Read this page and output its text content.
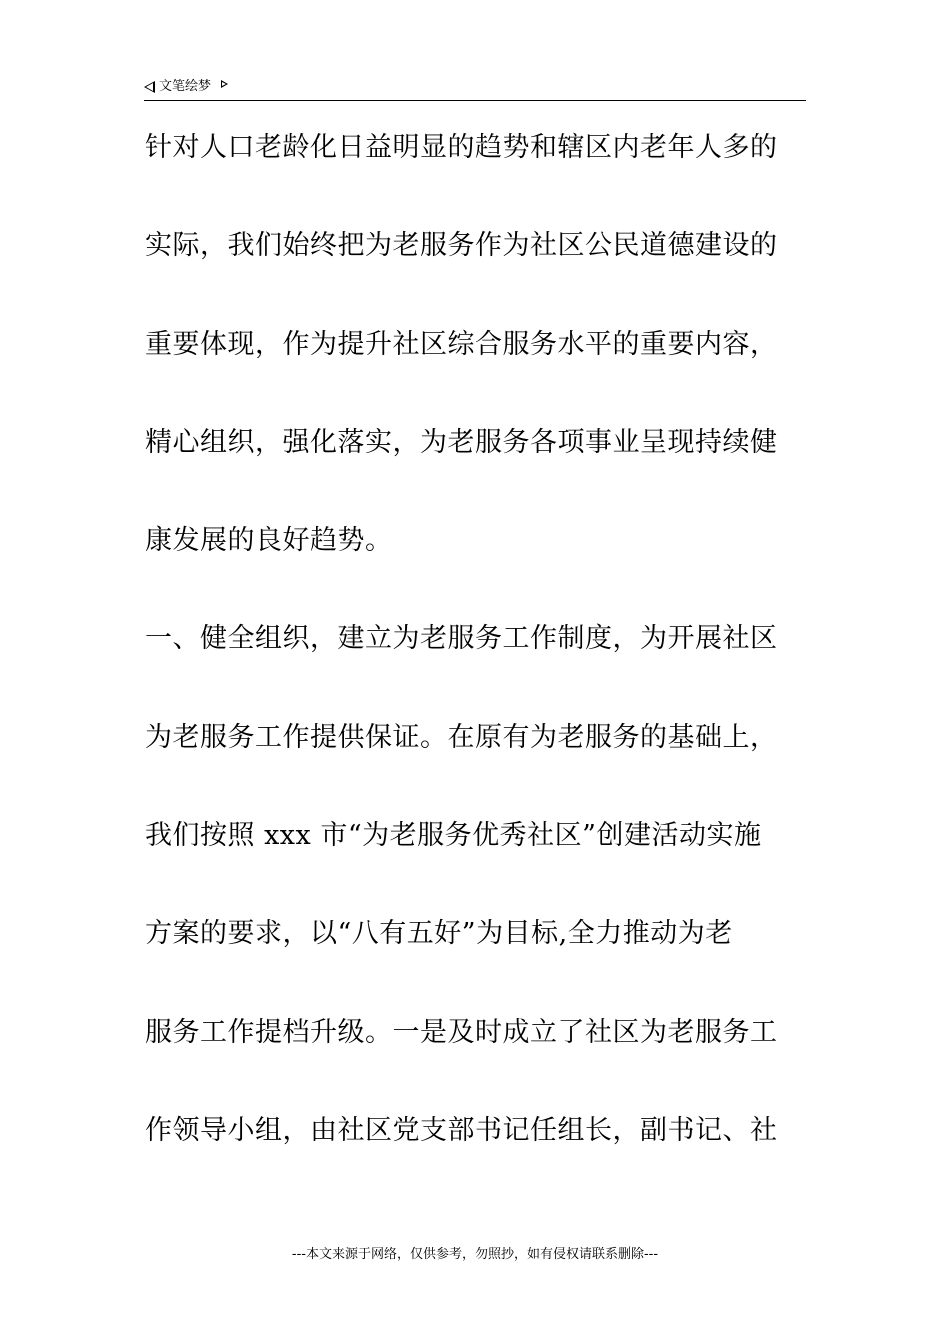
文笔绘梦
针对人口老龄化日益明显的趋势和辖区内老年人多的
实际，我们始终把为老服务作为社区公民道德建设的
重要体现，作为提升社区综合服务水平的重要内容，
精心组织，强化落实，为老服务各项事业呈现持续健
康发展的良好趋势。
一、健全组织，建立为老服务工作制度，为开展社区
为老服务工作提供保证。在原有为老服务的基础上，
我们按照 xxx 市“为老服务优秀社区”创建活动实施
方案的要求，以“八有五好”为目标,全力推动为老
服务工作提档升级。一是及时成立了社区为老服务工
作领导小组，由社区党支部书记任组长，副书记、社
---本文来源于网络，仅供参考，勿照抄，如有侵权请联系删除---
